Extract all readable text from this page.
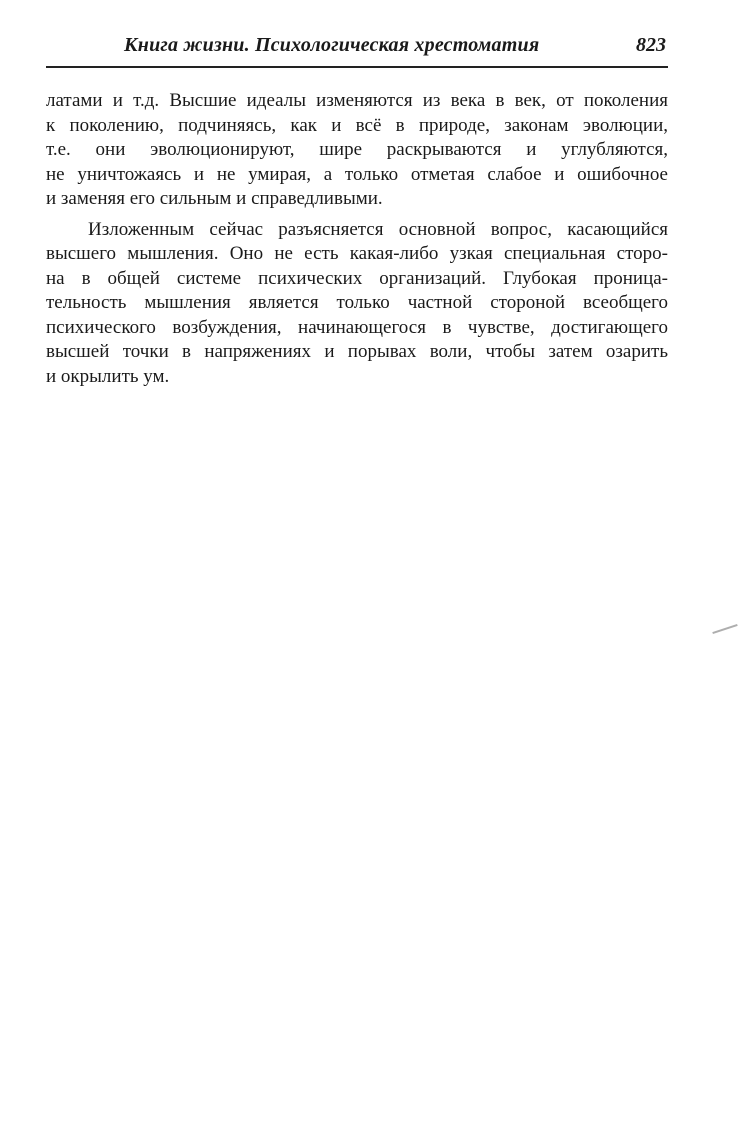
Книга жизни. Психологическая хрестоматия	823
латами и т.д. Высшие идеалы изменяются из века в век, от поколения
к поколению, подчиняясь, как и всё в природе, законам эволюции,
т.е. они эволюционируют, шире раскрываются и углубляются,
не уничтожаясь и не умирая, а только отметая слабое и ошибочное
и заменяя его сильным и справедливыми.
Изложенным сейчас разъясняется основной вопрос, касающийся
высшего мышления. Оно не есть какая-либо узкая специальная сторо-
на в общей системе психических организаций. Глубокая проница-
тельность мышления является только частной стороной всеобщего
психического возбуждения, начинающегося в чувстве, достигающего
высшей точки в напряжениях и порывах воли, чтобы затем озарить
и окрылить ум.
